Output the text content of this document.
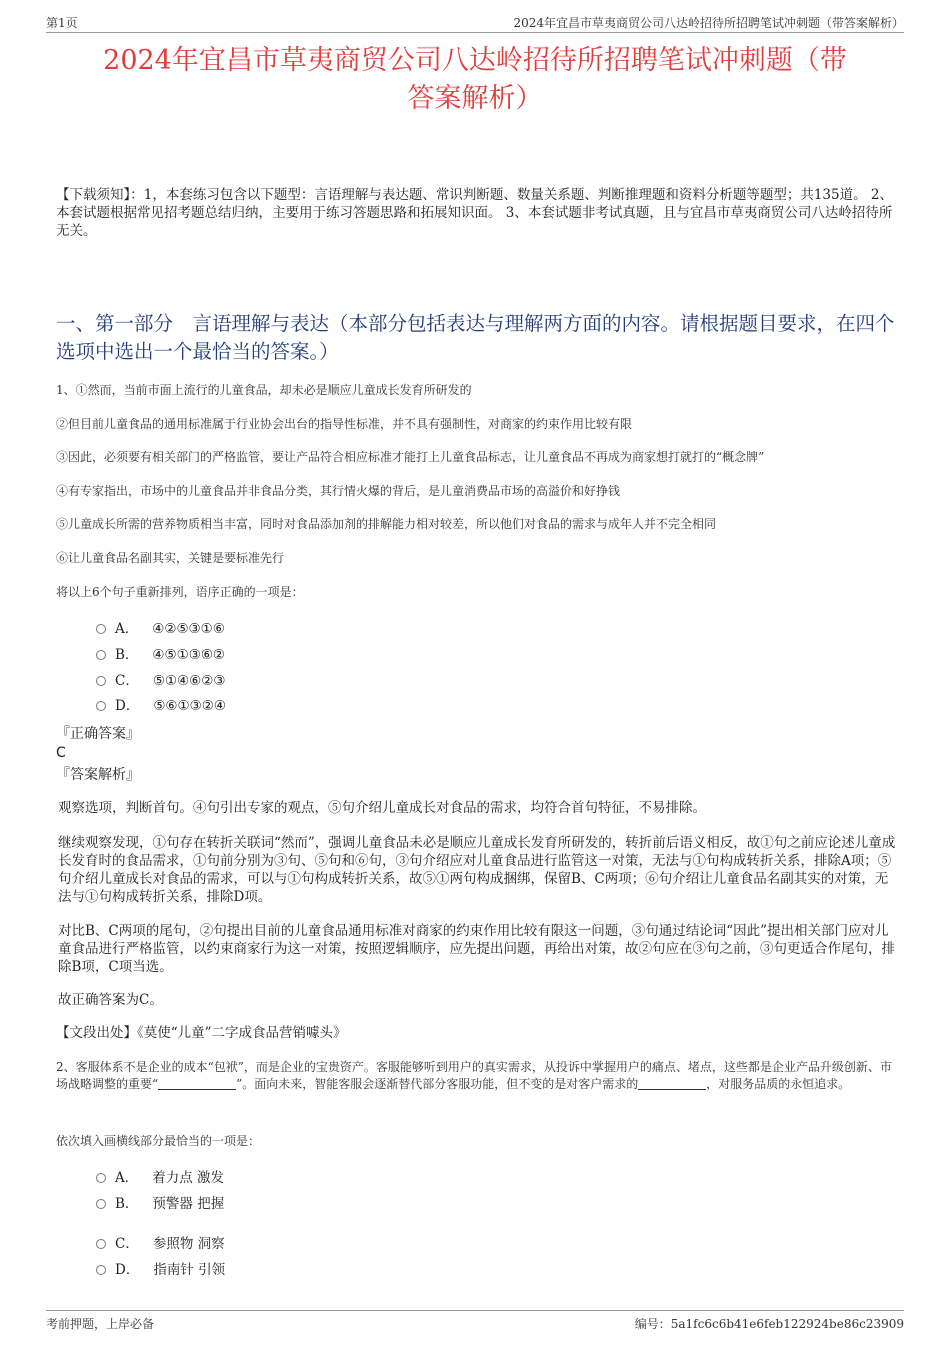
第1页	2024年宜昌市草夷商贸公司八达岭招待所招聘笔试冲刺题（带答案解析）
2024年宜昌市草夷商贸公司八达岭招待所招聘笔试冲刺题（带
答案解析）
【下载须知】：1，本套练习包含以下题型：言语理解与表达题、常识判断题、数量关系题、判断推理题和资料分析题等题型；共135道。 2、本套试题根据常见招考题总结归纳，主要用于练习答题思路和拓展知识面。 3、本套试题非考试真题，且与宜昌市草夷商贸公司八达岭招待所无关。
一、第一部分　言语理解与表达（本部分包括表达与理解两方面的内容。请根据题目要求，在四个选项中选出一个最恰当的答案。）
1、①然而，当前市面上流行的儿童食品，却未必是顺应儿童成长发育所研发的
②但目前儿童食品的通用标准属于行业协会出台的指导性标准，并不具有强制性，对商家的约束作用比较有限
③因此，必须要有相关部门的严格监管，要让产品符合相应标准才能打上儿童食品标志，让儿童食品不再成为商家想打就打的“概念牌”
④有专家指出，市场中的儿童食品并非食品分类，其行情火爆的背后，是儿童消费品市场的高溢价和好挣钱
⑤儿童成长所需的营养物质相当丰富，同时对食品添加剂的排解能力相对较差，所以他们对食品的需求与成年人并不完全相同
⑥让儿童食品名副其实，关键是要标准先行
将以上6个句子重新排列，语序正确的一项是：
A． ④②⑤③①⑥
B． ④⑤①③⑥②
C． ⑤①④⑥②③
D． ⑤⑥①③②④
『正确答案』
C
『答案解析』
观察选项，判断首句。④句引出专家的观点，⑤句介绍儿童成长对食品的需求，均符合首句特征，不易排除。
继续观察发现，①句存在转折关联词“然而”，强调儿童食品未必是顺应儿童成长发育所研发的，转折前后语义相反，故①句之前应论述儿童成长发育时的食品需求，①句前分别为③句、⑤句和⑥句，③句介绍应对儿童食品进行监管这一对策，无法与①句构成转折关系，排除A项；⑤句介绍儿童成长对食品的需求，可以与①句构成转折关系，故⑤①两句构成捆绑，保留B、C两项；⑥句介绍让儿童食品名副其实的对策，无法与①句构成转折关系，排除D项。
对比B、C两项的尾句，②句提出目前的儿童食品通用标准对商家的约束作用比较有限这一问题，③句通过结论词“因此”提出相关部门应对儿童食品进行严格监管，以约束商家行为这一对策，按照逻辑顺序，应先提出问题，再给出对策，故②句应在③句之前，③句更适合作尾句，排除B项，C项当选。
故正确答案为C。
【文段出处】《莫使“儿童”二字成食品营销噱头》
2、客服体系不是企业的成本“包袱”，而是企业的宝贵资产。客服能够听到用户的真实需求，从投诉中掌握用户的痛点、堵点，这些都是企业产品升级创新、市场战略调整的重要“	”。面向未来，智能客服会逐渐替代部分客服功能，但不变的是对客户需求的	，对服务品质的永恒追求。
依次填入画横线部分最恰当的一项是：
A． 着力点 激发
B． 预警器 把握
C． 参照物 洞察
D． 指南针 引领
考前押题，上岸必备	编号：5a1fc6c6b41e6feb122924be86c23909
